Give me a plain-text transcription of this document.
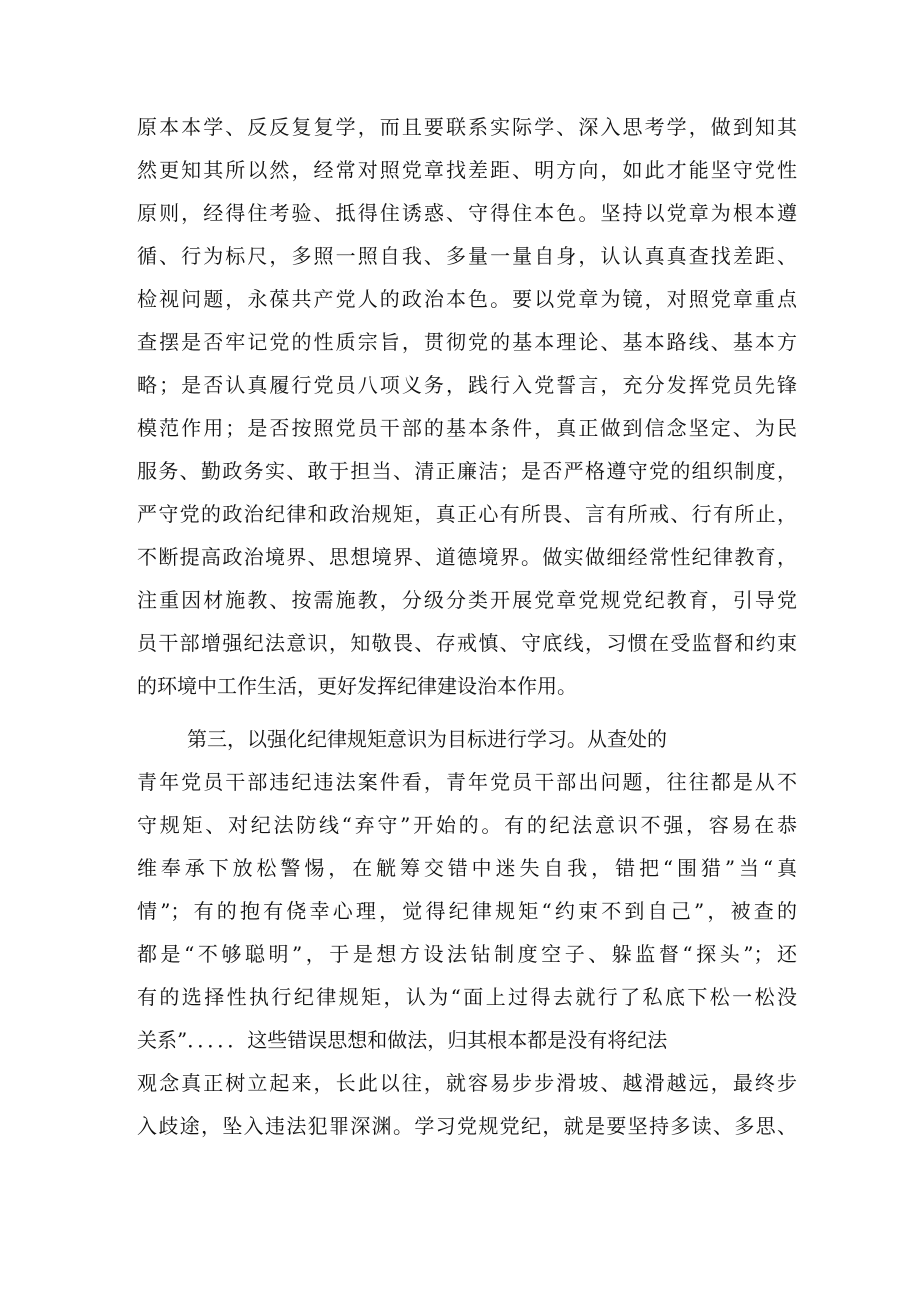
原本本学、反反复复学，而且要联系实际学、深入思考学，做到知其
然更知其所以然，经常对照党章找差距、明方向，如此才能坚守党性
原则，经得住考验、抵得住诱惑、守得住本色。坚持以党章为根本遵
循、行为标尺，多照一照自我、多量一量自身，认认真真查找差距、
检视问题，永葆共产党人的政治本色。要以党章为镜，对照党章重点
查摆是否牢记党的性质宗旨，贯彻党的基本理论、基本路线、基本方
略；是否认真履行党员八项义务，践行入党誓言，充分发挥党员先锋
模范作用；是否按照党员干部的基本条件，真正做到信念坚定、为民
服务、勤政务实、敢于担当、清正廉洁；是否严格遵守党的组织制度，
严守党的政治纪律和政治规矩，真正心有所畏、言有所戒、行有所止，
不断提高政治境界、思想境界、道德境界。做实做细经常性纪律教育，
注重因材施教、按需施教，分级分类开展党章党规党纪教育，引导党
员干部增强纪法意识，知敬畏、存戒慎、守底线，习惯在受监督和约束
的环境中工作生活，更好发挥纪律建设治本作用。
第三，以强化纪律规矩意识为目标进行学习。从查处的
青年党员干部违纪违法案件看，青年党员干部出问题，往往都是从不
守规矩、对纪法防线“弃守”开始的。有的纪法意识不强，容易在恭
维奉承下放松警惕，在觥筹交错中迷失自我，错把“围猎”当“真
情”；有的抱有侥幸心理，觉得纪律规矩“约束不到自己”，被查的
都是“不够聪明”，于是想方设法钻制度空子、躲监督“探头”；还
有的选择性执行纪律规矩，认为“面上过得去就行了私底下松一松没
关系”．．．．．这些错误思想和做法，归其根本都是没有将纪法
观念真正树立起来，长此以往，就容易步步滑坡、越滑越远，最终步
入歧途，坠入违法犯罪深渊。学习党规党纪，就是要坚持多读、多思、
